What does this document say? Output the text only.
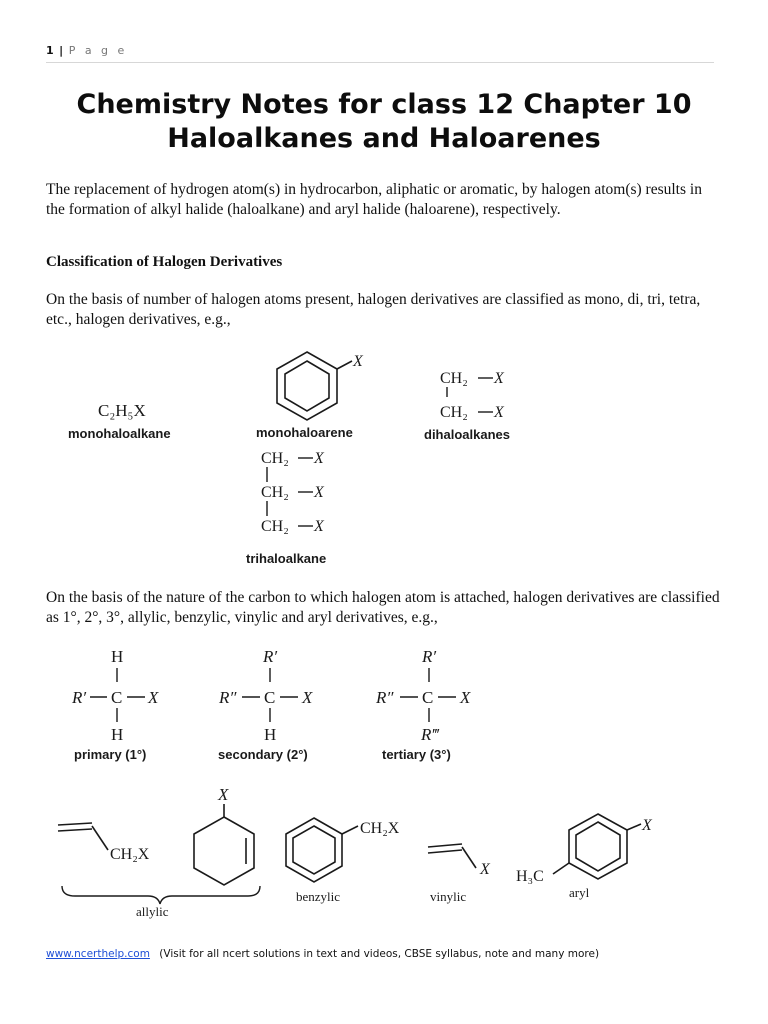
1 | P a g e
Chemistry Notes for class 12 Chapter 10
Haloalkanes and Haloarenes
The replacement of hydrogen atom(s) in hydrocarbon, aliphatic or aromatic, by halogen atom(s) results in the formation of alkyl halide (haloalkane) and aryl halide (haloarene), respectively.
Classification of Halogen Derivatives
On the basis of number of halogen atoms present, halogen derivatives are classified as mono, di, tri, tetra, etc., halogen derivatives, e.g.,
C₂H₅X
monohaloalkane
X
monohaloarene
CH₂ X
CH₂ X
dihaloalkanes
CH₂ X
CH₂ X
CH₂ X
trihaloalkane
On the basis of the nature of the carbon to which halogen atom is attached, halogen derivatives are classified as 1°, 2°, 3°, allylic, benzylic, vinylic and aryl derivatives, e.g.,
H
R′ C X
H
R′
R″ C X
H
R′
R″ C X
R‴
primary (1°)	secondary (2°)	tertiary (3°)
CH₂X
X
allylic
CH₂X
benzylic
X
vinylic
H₃C
X
aryl
www.ncerthelp.com (Visit for all ncert solutions in text and videos, CBSE syllabus, note and many more)
